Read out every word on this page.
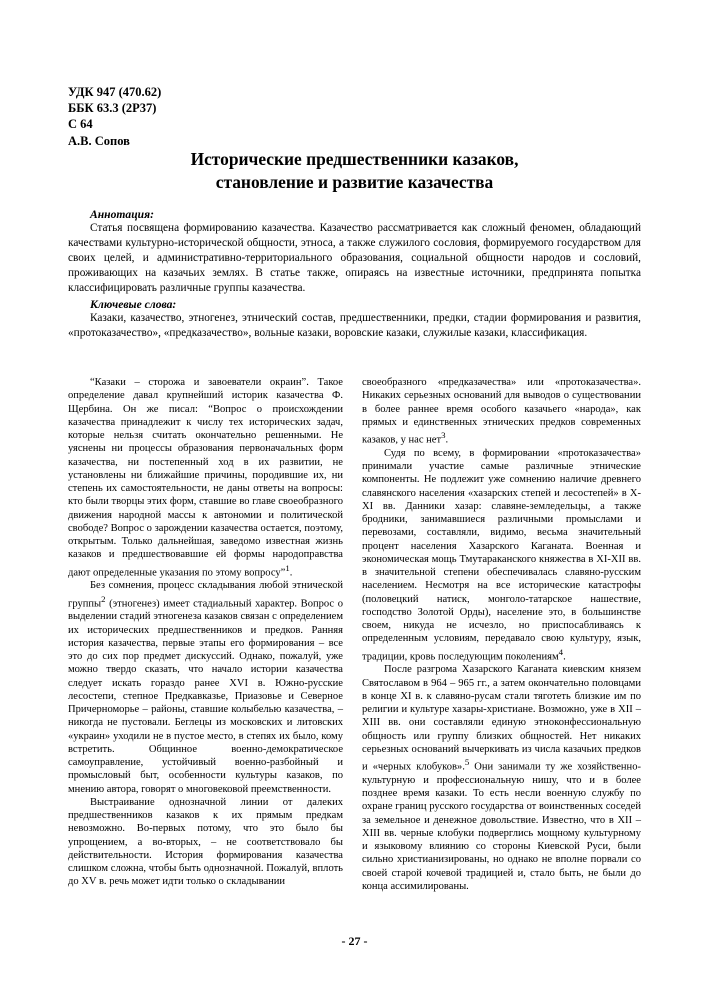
УДК 947 (470.62)
ББК 63.3 (2Р37)
С 64
А.В. Сопов
Исторические предшественники казаков,
становление и развитие казачества
Аннотация:

Статья посвящена формированию казачества. Казачество рассматривается как сложный феномен, обладающий качествами культурно-исторической общности, этноса, а также служилого сословия, формируемого государством для своих целей, и административно-территориального образования, социальной общности народов и сословий, проживающих на казачьих землях. В статье также, опираясь на известные источники, предпринята попытка классифицировать различные группы казачества.

Ключевые слова:

Казаки, казачество, этногенез, этнический состав, предшественники, предки, стадии формирования и развития, «протоказачество», «предказачество», вольные казаки, воровские казаки, служилые казаки, классификация.

“Казаки – сторожа и завоеватели окраин”. Такое определение давал крупнейший историк казачества Ф. Щербина. Он же писал: “Вопрос о происхождении казачества принадлежит к числу тех исторических задач, которые нельзя считать окончательно решенными. Не уяснены ни процессы образования первоначальных форм казачества, ни постепенный ход в их развитии, не установлены ни ближайшие причины, породившие их, ни степень их самостоятельности, не даны ответы на вопросы: кто были творцы этих форм, ставшие во главе своеобразного движения народной массы к автономии и политической свободе? Вопрос о зарождении казачества остается, поэтому, открытым. Только дальнейшая, заведомо известная жизнь казаков и предшествовавшие ей формы народоправства дают определенные указания по этому вопросу”$^1$.

Без сомнения, процесс складывания любой этнической группы$^2$ (этногенез) имеет стадиальный характер. Вопрос о выделении стадий этногенеза казаков связан с определением их исторических предшественников и предков. Ранняя история казачества, первые этапы его формирования – все это до сих пор предмет дискуссий. Однако, пожалуй, уже можно твердо сказать, что начало истории казачества следует искать гораздо ранее XVI в. Южно-русские лесостепи, степное Предкавказье, Приазовье и Северное Причерноморье – районы, ставшие колыбелью казачества, – никогда не пустовали. Беглецы из московских и литовских «украин» уходили не в пустое место, в степях их было, кому встретить. Общинное военно-демократическое самоуправление, устойчивый военно-разбойный и промысловый быт, особенности культуры казаков, по мнению автора, говорят о многовековой преемственности.

Выстраивание однозначной линии от далеких предшественников казаков к их прямым предкам невозможно. Во-первых потому, что это было бы упрощением, а во-вторых, – не соответствовало бы действительности. История формирования казачества слишком сложна, чтобы быть однозначной. Пожалуй, вплоть до XV в. речь может идти только о складывании

своеобразного «предказачества» или «протоказачества». Никаких серьезных оснований для выводов о существовании в более раннее время особого казачьего «народа», как прямых и единственных этнических предков современных казаков, у нас нет$^3$.

Судя по всему, в формировании «протоказачества» принимали участие самые различные этнические компоненты. Не подлежит уже сомнению наличие древнего славянского населения «хазарских степей и лесостепей» в X-XI вв. Данники хазар: славяне-земледельцы, а также бродники, занимавшиеся различными промыслами и перевозами, составляли, видимо, весьма значительный процент населения Хазарского Каганата. Военная и экономическая мощь Тмутараканского княжества в XI-XII вв. в значительной степени обеспечивалась славяно-русским населением. Несмотря на все исторические катастрофы (половецкий натиск, монголо-татарское нашествие, господство Золотой Орды), население это, в большинстве своем, никуда не исчезло, но приспосабливаясь к определенным условиям, передавало свою культуру, язык, традиции, кровь последующим поколениям$^4$.

После разгрома Хазарского Каганата киевским князем Святославом в 964 – 965 гг., а затем окончательно половцами в конце XI в. к славяно-русам стали тяготеть близкие им по религии и культуре хазары-христиане. Возможно, уже в XII – XIII вв. они составляли единую этноконфессиональную общность или группу близких общностей. Нет никаких серьезных оснований вычеркивать из числа казачьих предков и «черных клобуков».$^5$ Они занимали ту же хозяйственно-культурную и профессиональную нишу, что и в более позднее время казаки. То есть несли военную службу по охране границ русского государства от воинственных соседей за земельное и денежное довольствие. Известно, что в XII – XIII вв. черные клобуки подверглись мощному культурному и языковому влиянию со стороны Киевской Руси, были сильно христианизированы, но однако не вполне порвали со своей старой кочевой традицией и, стало быть, не были до конца ассимилированы.

- 27 -
